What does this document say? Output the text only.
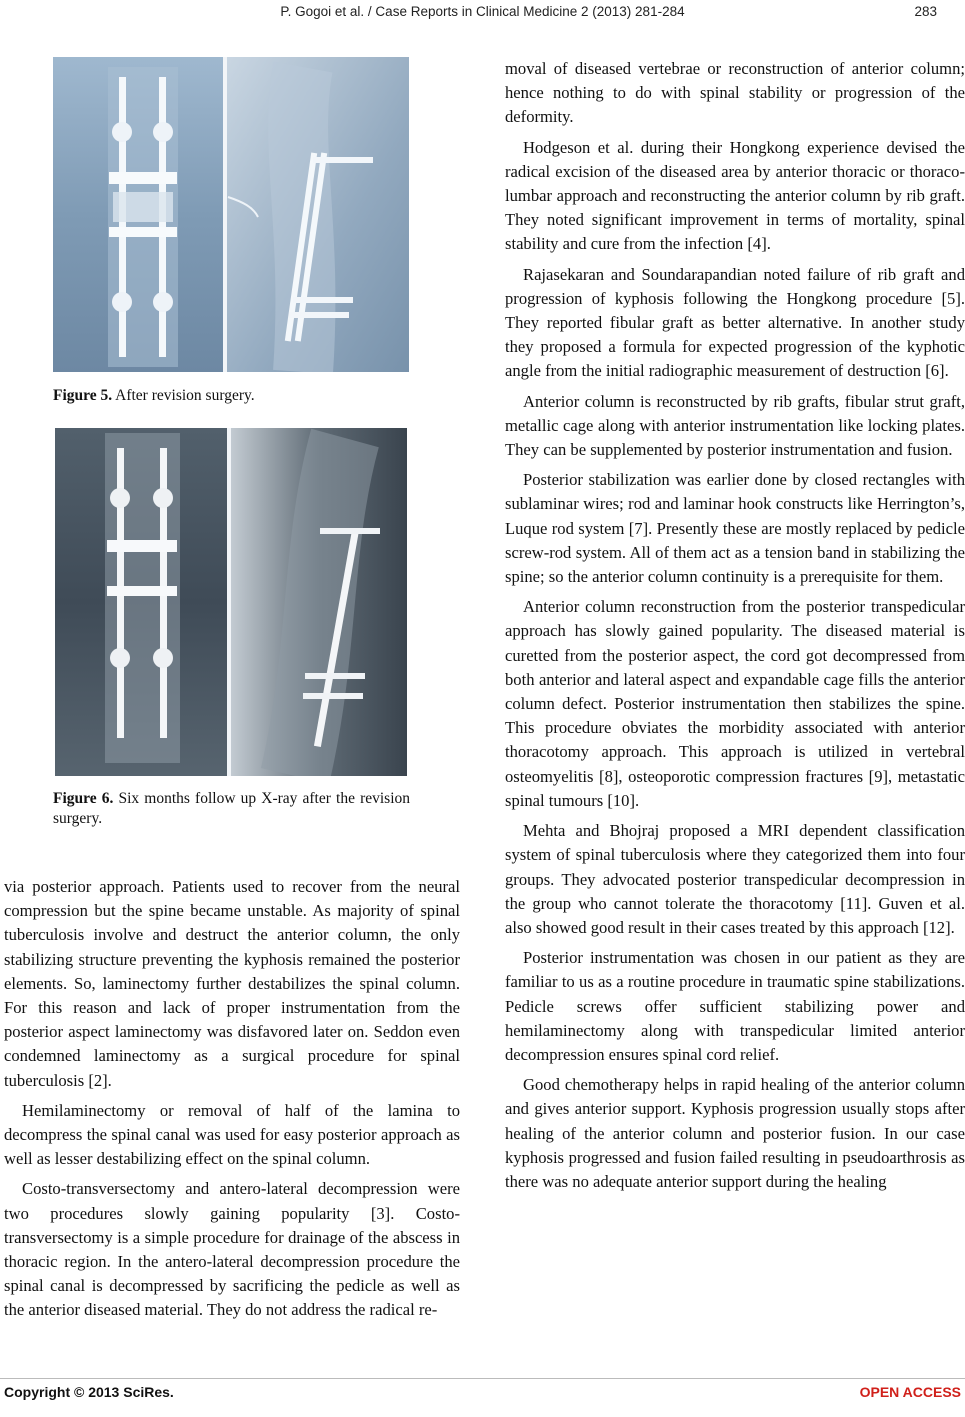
P. Gogoi et al. / Case Reports in Clinical Medicine 2 (2013) 281-284	283
Figure 5. After revision surgery.
Figure 6. Six months follow up X-ray after the revision surgery.

via posterior approach. Patients used to recover from the neural compression but the spine became unstable. As majority of spinal tuberculosis involve and destruct the anterior column, the only stabilizing structure preventing the kyphosis remained the posterior elements. So, laminectomy further destabilizes the spinal column. For this reason and lack of proper instrumentation from the posterior aspect laminectomy was disfavored later on. Seddon even condemned laminectomy as a surgical procedure for spinal tuberculosis [2].

Hemilaminectomy or removal of half of the lamina to decompress the spinal canal was used for easy posterior approach as well as lesser destabilizing effect on the spinal column.

Costo-transversectomy and antero-lateral decompression were two procedures slowly gaining popularity [3]. Costo-transversectomy is a simple procedure for drainage of the abscess in thoracic region. In the antero-lateral decompression procedure the spinal canal is decompressed by sacrificing the pedicle as well as the anterior diseased material. They do not address the radical re-

moval of diseased vertebrae or reconstruction of anterior column; hence nothing to do with spinal stability or progression of the deformity.

Hodgeson et al. during their Hongkong experience devised the radical excision of the diseased area by anterior thoracic or thoraco-lumbar approach and reconstructing the anterior column by rib graft. They noted significant improvement in terms of mortality, spinal stability and cure from the infection [4].

Rajasekaran and Soundarapandian noted failure of rib graft and progression of kyphosis following the Hongkong procedure [5]. They reported fibular graft as better alternative. In another study they proposed a formula for expected progression of the kyphotic angle from the initial radiographic measurement of destruction [6].

Anterior column is reconstructed by rib grafts, fibular strut graft, metallic cage along with anterior instrumentation like locking plates. They can be supplemented by posterior instrumentation and fusion.

Posterior stabilization was earlier done by closed rectangles with sublaminar wires; rod and laminar hook constructs like Herrington’s, Luque rod system [7]. Presently these are mostly replaced by pedicle screw-rod system. All of them act as a tension band in stabilizing the spine; so the anterior column continuity is a prerequisite for them.

Anterior column reconstruction from the posterior transpedicular approach has slowly gained popularity. The diseased material is curetted from the posterior aspect, the cord got decompressed from both anterior and lateral aspect and expandable cage fills the anterior column defect. Posterior instrumentation then stabilizes the spine. This procedure obviates the morbidity associated with anterior thoracotomy approach. This approach is utilized in vertebral osteomyelitis [8], osteoporotic compression fractures [9], metastatic spinal tumours [10].

Mehta and Bhojraj proposed a MRI dependent classification system of spinal tuberculosis where they categorized them into four groups. They advocated posterior transpedicular decompression in the group who cannot tolerate the thoracotomy [11]. Guven et al. also showed good result in their cases treated by this approach [12].

Posterior instrumentation was chosen in our patient as they are familiar to us as a routine procedure in traumatic spine stabilizations. Pedicle screws offer sufficient stabilizing power and hemilaminectomy along with transpedicular limited anterior decompression ensures spinal cord relief.

Good chemotherapy helps in rapid healing of the anterior column and gives anterior support. Kyphosis progression usually stops after healing of the anterior column and posterior fusion. In our case kyphosis progressed and fusion failed resulting in pseudoarthrosis as there was no adequate anterior support during the healing

Copyright © 2013 SciRes.	OPEN ACCESS
